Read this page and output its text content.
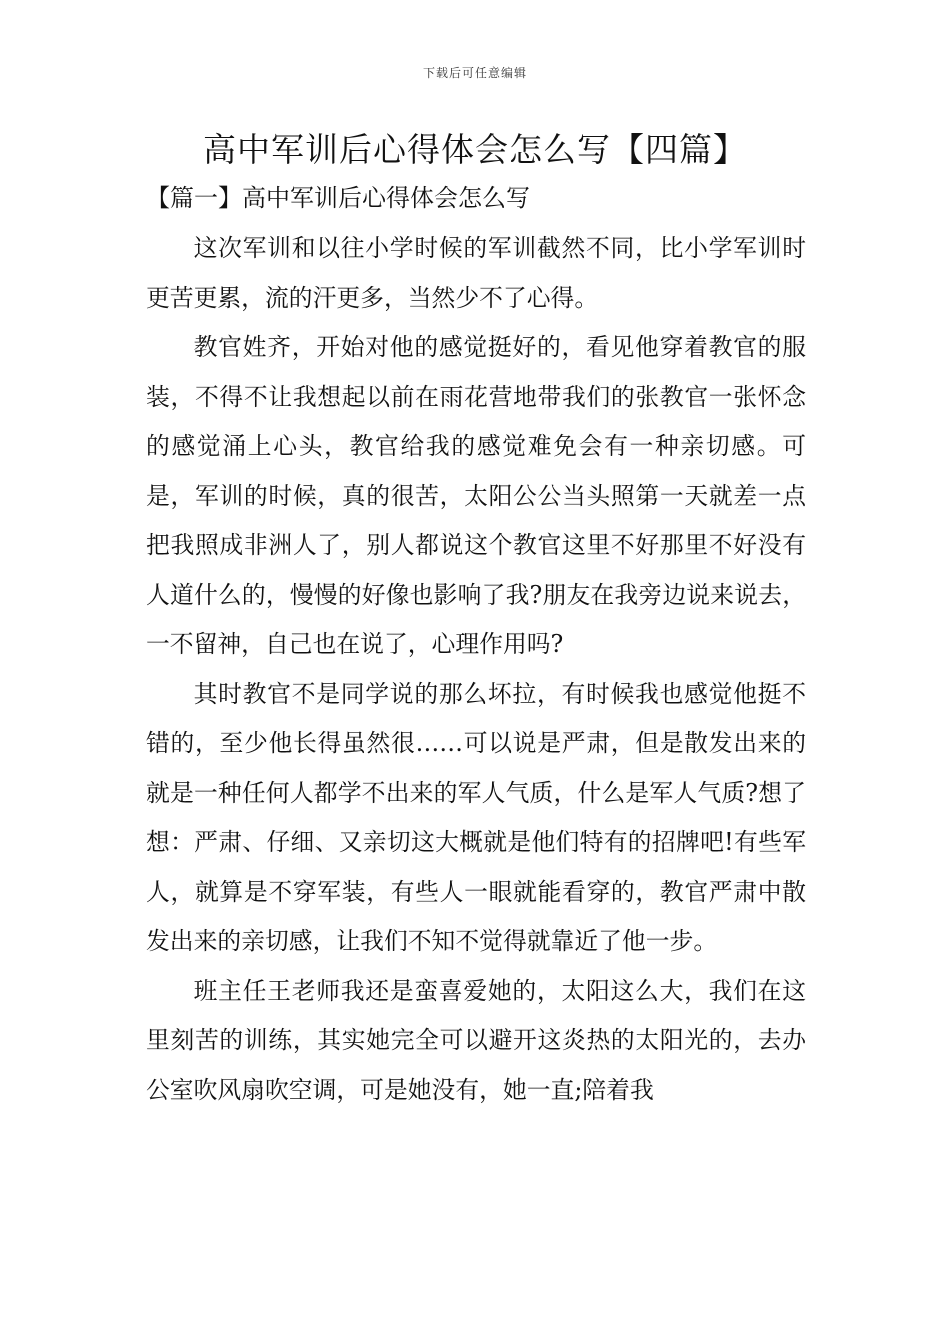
下载后可任意编辑
高中军训后心得体会怎么写【四篇】
【篇一】高中军训后心得体会怎么写

这次军训和以往小学时候的军训截然不同，比小学军训时更苦更累，流的汗更多，当然少不了心得。

教官姓齐，开始对他的感觉挺好的，看见他穿着教官的服装，不得不让我想起以前在雨花营地带我们的张教官一张怀念的感觉涌上心头，教官给我的感觉难免会有一种亲切感。可是，军训的时候，真的很苦，太阳公公当头照第一天就差一点把我照成非洲人了，别人都说这个教官这里不好那里不好没有人道什么的，慢慢的好像也影响了我?朋友在我旁边说来说去，一不留神，自己也在说了，心理作用吗?

其时教官不是同学说的那么坏拉，有时候我也感觉他挺不错的，至少他长得虽然很……可以说是严肃，但是散发出来的就是一种任何人都学不出来的军人气质，什么是军人气质?想了想：严肃、仔细、又亲切这大概就是他们特有的招牌吧!有些军人，就算是不穿军装，有些人一眼就能看穿的，教官严肃中散发出来的亲切感，让我们不知不觉得就靠近了他一步。

班主任王老师我还是蛮喜爱她的，太阳这么大，我们在这里刻苦的训练，其实她完全可以避开这炎热的太阳光的，去办公室吹风扇吹空调，可是她没有，她一直;陪着我
